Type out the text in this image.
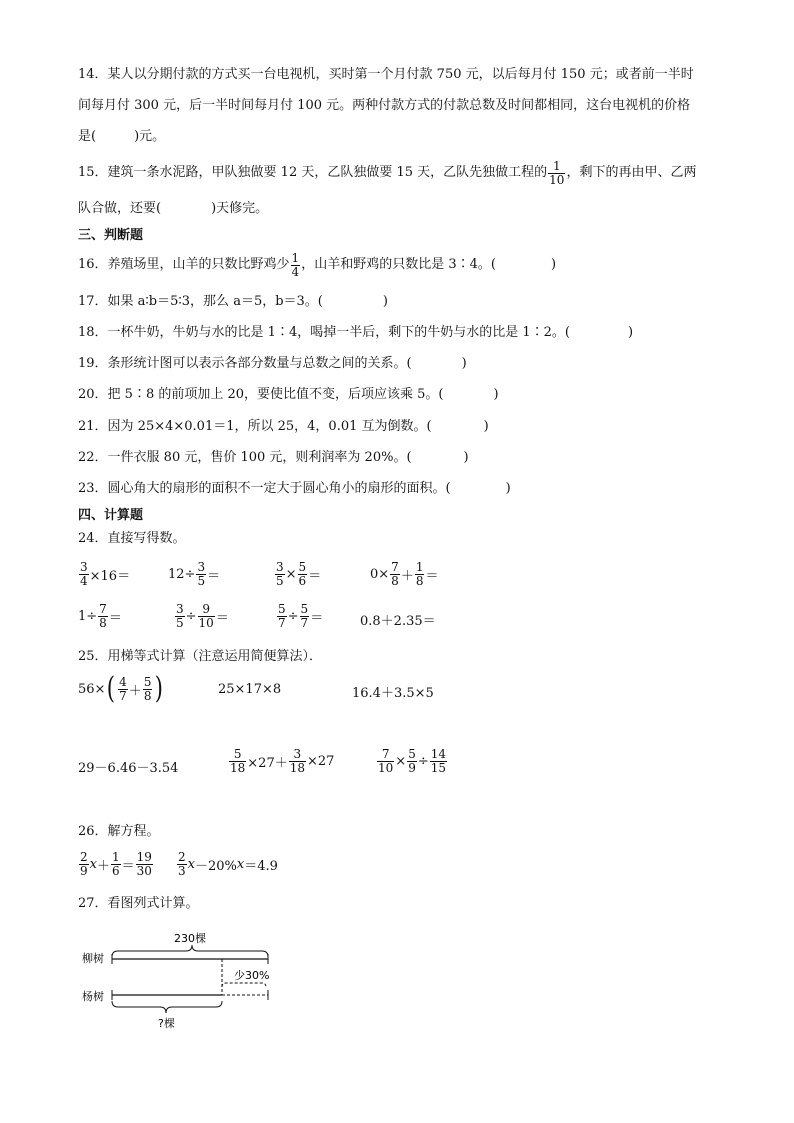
14．某人以分期付款的方式买一台电视机，买时第一个月付款 750 元，以后每月付 150 元；或者前一半时
间每月付 300 元，后一半时间每月付 100 元。两种付款方式的付款总数及时间都相同，这台电视机的价格
是(	)元。
15．建筑一条水泥路，甲队独做要 12 天，乙队独做要 15 天，乙队先独做工程的 $\frac{1}{10}$ ，剩下的再由甲、乙两
队合做，还要(	)天修完。
三、判断题
16．养殖场里，山羊的只数比野鸡少 $\frac{1}{4}$ ，山羊和野鸡的只数比是 3∶4。(	)
17．如果 a∶b＝5∶3，那么 a＝5，b＝3。(	)
18．一杯牛奶，牛奶与水的比是 1∶4，喝掉一半后，剩下的牛奶与水的比是 1∶2。(	)
19．条形统计图可以表示各部分数量与总数之间的关系。(	)
20．把 5∶8 的前项加上 20，要使比值不变，后项应该乘 5。(	)
21．因为 25×4×0.01＝1，所以 25，4，0.01 互为倒数。(	)
22．一件衣服 80 元，售价 100 元，则利润率为 20%。(	)
23．圆心角大的扇形的面积不一定大于圆心角小的扇形的面积。(	)
四、计算题
24．直接写得数。
$\frac{3}{4} \times 16=$	$12\div \frac{3}{5}$ ＝	$\frac{3}{5} \times \frac{5}{6}$ ＝	$0\times \frac{7}{8} + \frac{1}{8}$ ＝
$1\div \frac{7}{8}$ ＝	$\frac{3}{5} \div \frac{9}{10}$ ＝	$\frac{5}{7} \div \frac{5}{7}$ ＝	0.8＋2.35＝
25．用梯等式计算（注意运用简便算法）．
56× ( $\frac{4}{7} + \frac{5}{8}$ )	25×17×8	16.4＋3.5×5
29－6.46－3.54	$\frac{5}{18} \times 27+ \frac{3}{18} \times 27$	$\frac{7}{10} \times \frac{5}{9} \div \frac{14}{15}$
26．解方程。
$\frac{2}{9}$ $x + \frac{1}{6} = \frac{19}{30} \frac{2}{3}$ x －20% x ＝4.9
27．看图列式计算。
230棵
柳树
少30%
杨树
?棵
